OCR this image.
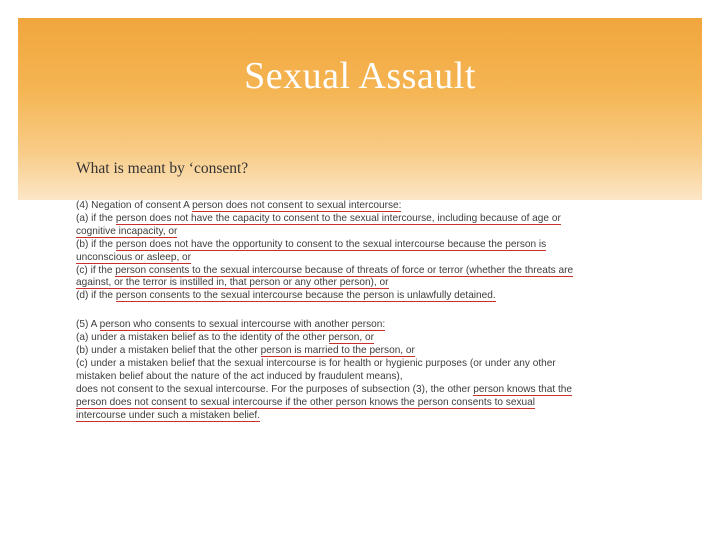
Sexual Assault
What is meant by ‘consent?
(4) Negation of consent A person does not consent to sexual intercourse:
(a) if the person does not have the capacity to consent to the sexual intercourse, including because of age or
cognitive incapacity, or
(b) if the person does not have the opportunity to consent to the sexual intercourse because the person is
unconscious or asleep, or
(c) if the person consents to the sexual intercourse because of threats of force or terror (whether the threats are
against, or the terror is instilled in, that person or any other person), or
(d) if the person consents to the sexual intercourse because the person is unlawfully detained.
(5) A person who consents to sexual intercourse with another person:
(a) under a mistaken belief as to the identity of the other person, or
(b) under a mistaken belief that the other person is married to the person, or
(c) under a mistaken belief that the sexual intercourse is for health or hygienic purposes (or under any other
mistaken belief about the nature of the act induced by fraudulent means),
does not consent to the sexual intercourse. For the purposes of subsection (3), the other person knows that the
person does not consent to sexual intercourse if the other person knows the person consents to sexual
intercourse under such a mistaken belief.
